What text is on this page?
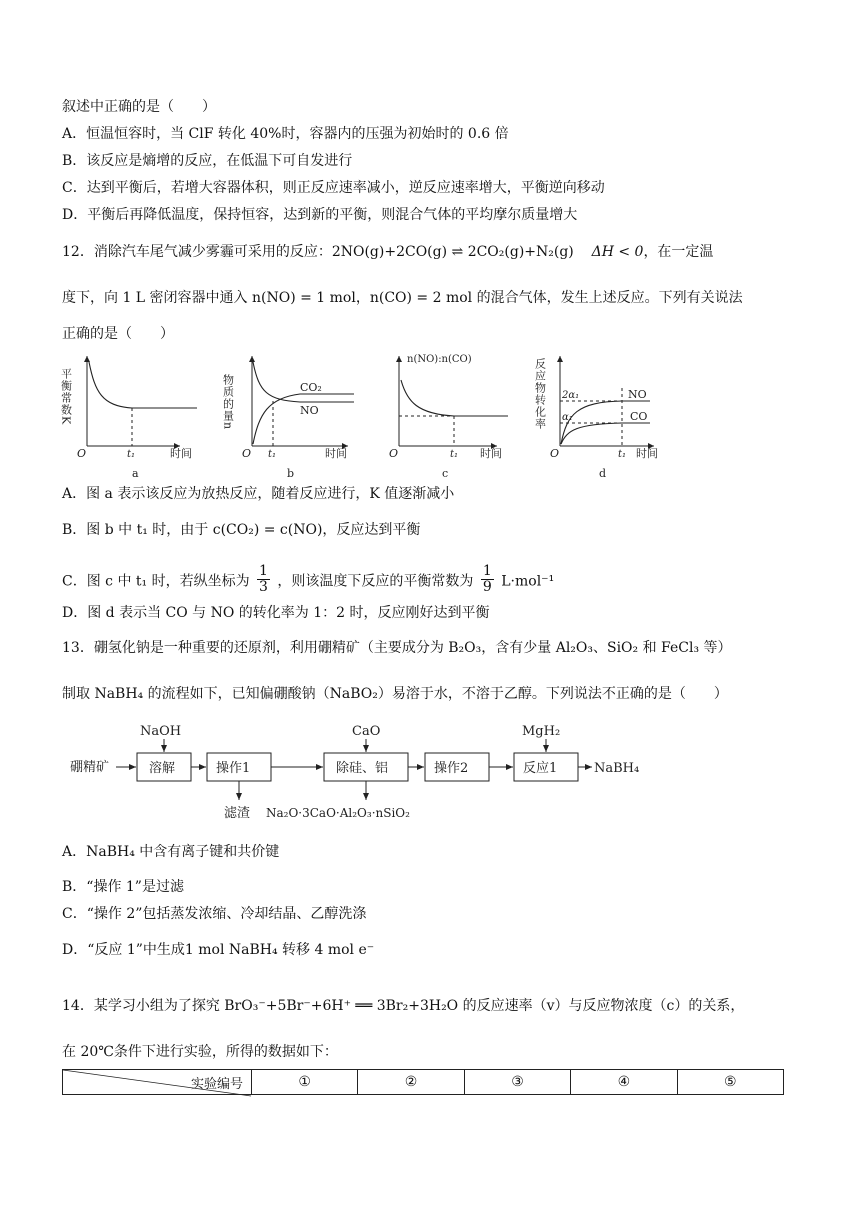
叙述中正确的是（　　）
A．恒温恒容时，当 ClF 转化 40%时，容器内的压强为初始时的 0.6 倍
B．该反应是熵增的反应，在低温下可自发进行
C．达到平衡后，若增大容器体积，则正反应速率减小，逆反应速率增大，平衡逆向移动
D．平衡后再降低温度，保持恒容，达到新的平衡，则混合气体的平均摩尔质量增大
12．消除汽车尾气减少雾霾可采用的反应：2NO(g)+2CO(g) ⇌ 2CO₂(g)+N₂(g) ΔH < 0，在一定温
度下，向 1 L 密闭容器中通入 n(NO) = 1 mol，n(CO) = 2 mol 的混合气体，发生上述反应。下列有关说法
正确的是（　　）
平衡常数K
O	t₁	时间
a
物质的量n	CO₂
NO
O t₁	时间
b
n(NO):n(CO)
O	t₁ 时间
c
反应物转化率 2α₁
α₁
NO
CO
O	t₁ 时间
d
A．图 a 表示该反应为放热反应，随着反应进行，K 值逐渐减小
B．图 b 中 t₁ 时，由于 c(CO₂) = c(NO)，反应达到平衡
C．图 c 中 t₁ 时，若纵坐标为 $\frac{1}{3}$ ，则该温度下反应的平衡常数为 $\frac{1}{9} L\cdot mol^{-1}$
D．图 d 表示当 CO 与 NO 的转化率为 1：2 时，反应刚好达到平衡
13．硼氢化钠是一种重要的还原剂，利用硼精矿（主要成分为 B₂O₃，含有少量 Al₂O₃、SiO₂ 和 FeCl₃ 等）
制取 NaBH₄ 的流程如下，已知偏硼酸钠（NaBO₂）易溶于水，不溶于乙醇。下列说法不正确的是（　　）
硼精矿	溶解
NaOH
操作1
滤渣
除硅、铝
CaO
Na₂O·3CaO·Al₂O₃·nSiO₂
操作2	反应1
MgH₂
NaBH₄
A．NaBH₄ 中含有离子键和共价键
B．“操作 1”是过滤
C．“操作 2”包括蒸发浓缩、冷却结晶、乙醇洗涤
D．“反应 1”中生成1 mol NaBH₄ 转移 4 mol e⁻
14．某学习小组为了探究 BrO₃⁻+5Br⁻+6H⁺ ══ 3Br₂+3H₂O 的反应速率（v）与反应物浓度（c）的关系，
在 20℃条件下进行实验，所得的数据如下：
实验编号	①	②	③	④	⑤
